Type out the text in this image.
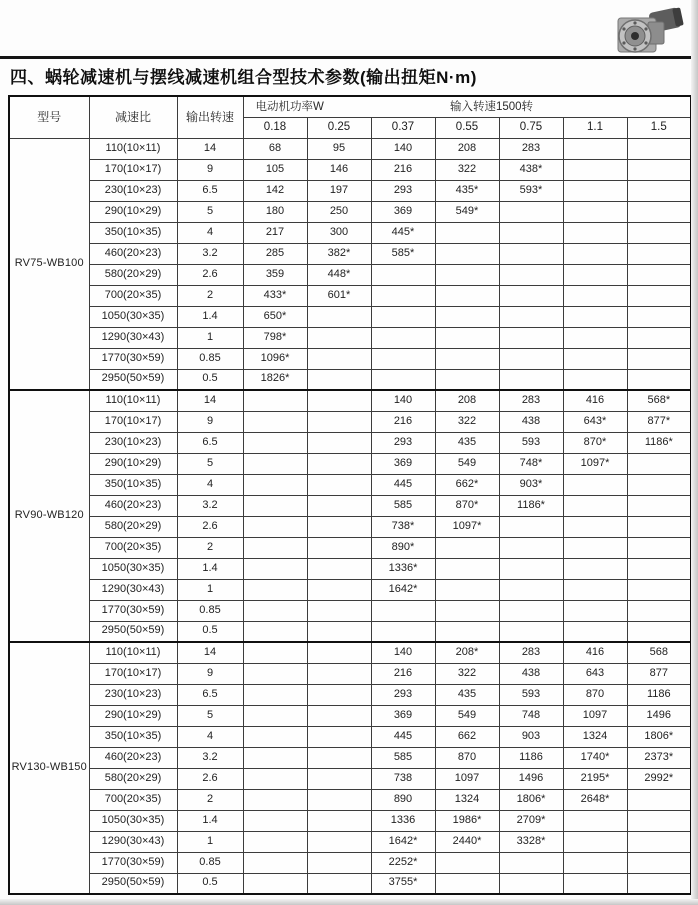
四、蜗轮减速机与摆线减速机组合型技术参数(输出扭矩N·m)
型号	减速比	输出转速	电动机功率W 输入转速1500转						

			0.18	0.25	0.37	0.55	0.75	1.1	1.5
RV75-WB100	110(10×11)	14	68	95	140	208	283		
	170(10×17)	9	105	146	216	322	438*		
	230(10×23)	6.5	142	197	293	435*	593*		
	290(10×29)	5	180	250	369	549*			
	350(10×35)	4	217	300	445*				
	460(20×23)	3.2	285	382*	585*				
	580(20×29)	2.6	359	448*					
	700(20×35)	2	433*	601*					
	1050(30×35)	1.4	650*						
	1290(30×43)	1	798*						
	1770(30×59)	0.85	1096*						
	2950(50×59)	0.5	1826*						
RV90-WB120	110(10×11)	14			140	208	283	416	568*
	170(10×17)	9			216	322	438	643*	877*
	230(10×23)	6.5			293	435	593	870*	1186*
	290(10×29)	5			369	549	748*	1097*	
	350(10×35)	4			445	662*	903*		
	460(20×23)	3.2			585	870*	1186*		
	580(20×29)	2.6			738*	1097*			
	700(20×35)	2			890*				
	1050(30×35)	1.4			1336*				
	1290(30×43)	1			1642*				
	1770(30×59)	0.85							
	2950(50×59)	0.5							
RV130-WB150	110(10×11)	14			140	208*	283	416	568
	170(10×17)	9			216	322	438	643	877
	230(10×23)	6.5			293	435	593	870	1186
	290(10×29)	5			369	549	748	1097	1496
	350(10×35)	4			445	662	903	1324	1806*
	460(20×23)	3.2			585	870	1186	1740*	2373*
	580(20×29)	2.6			738	1097	1496	2195*	2992*
	700(20×35)	2			890	1324	1806*	2648*	
	1050(30×35)	1.4			1336	1986*	2709*		
	1290(30×43)	1			1642*	2440*	3328*		
	1770(30×59)	0.85			2252*				
	2950(50×59)	0.5			3755*				
